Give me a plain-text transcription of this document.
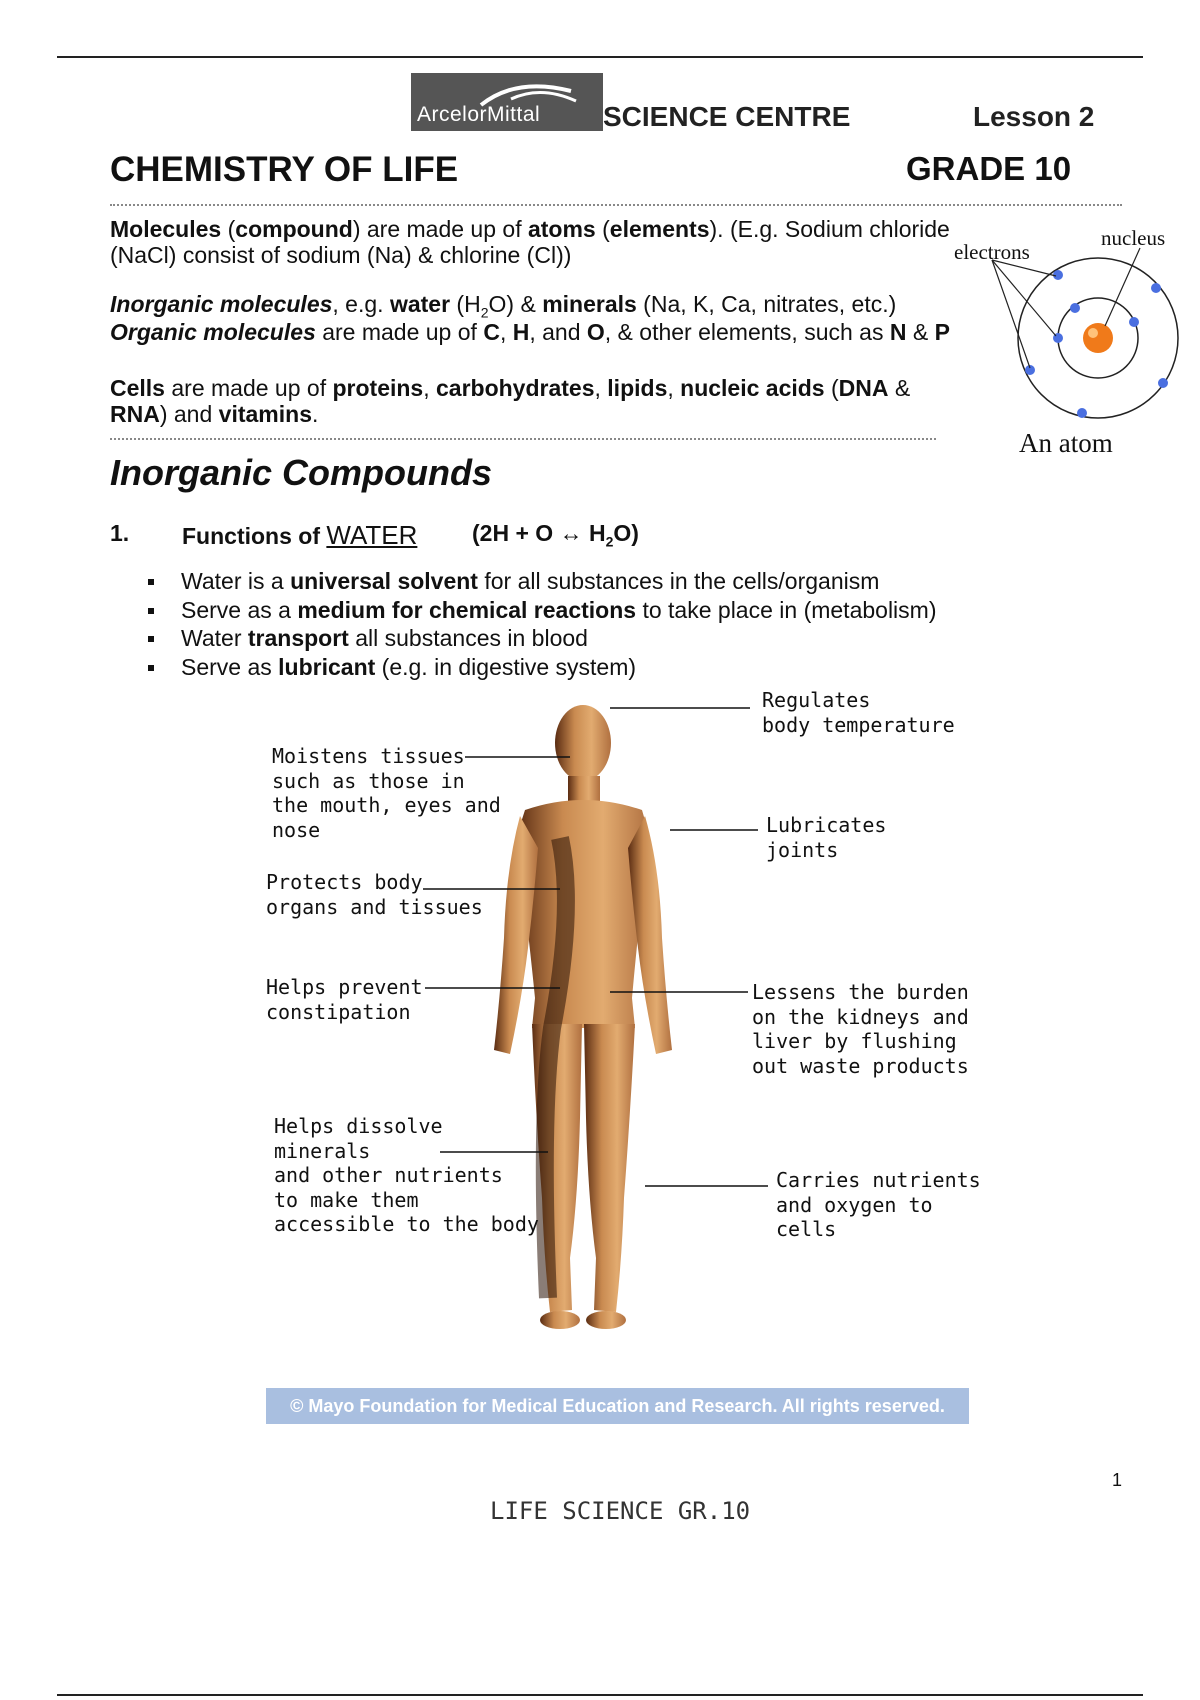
ArcelorMittal SCIENCE CENTRE	Lesson 2
CHEMISTRY OF LIFE	GRADE 10
Molecules (compound) are made up of atoms (elements). (E.g. Sodium chloride (NaCl) consist of sodium (Na) & chlorine (Cl))
Inorganic molecules, e.g. water $(H_2O)$ & minerals (Na, K, Ca, nitrates, etc.)
Organic molecules are made up of C, H, and O, & other elements, such as N & P
Cells are made up of proteins, carbohydrates, lipids, nucleic acids (DNA & RNA) and vitamins.
electrons
nucleus
An atom
Inorganic Compounds
1. Functions of WATER (2H + O ↔ $H_2O$)
Water is a universal solvent for all substances in the cells/organism
Serve as a medium for chemical reactions to take place in (metabolism)
Water transport all substances in blood
Serve as lubricant (e.g. in digestive system)
Regulates
body temperature
Moistens tissues
such as those in
the mouth, eyes and
nose	Lubricates
joints
Protects body
organs and tissues
Helps prevent
constipation
Lessens the burden
on the kidneys and
liver by flushing
out waste products
Helps dissolve
minerals
and other nutrients
to make them
accessible to the body
Carries nutrients
and oxygen to
cells
© Mayo Foundation for Medical Education and Research. All rights reserved.
1
LIFE SCIENCE GR.10
